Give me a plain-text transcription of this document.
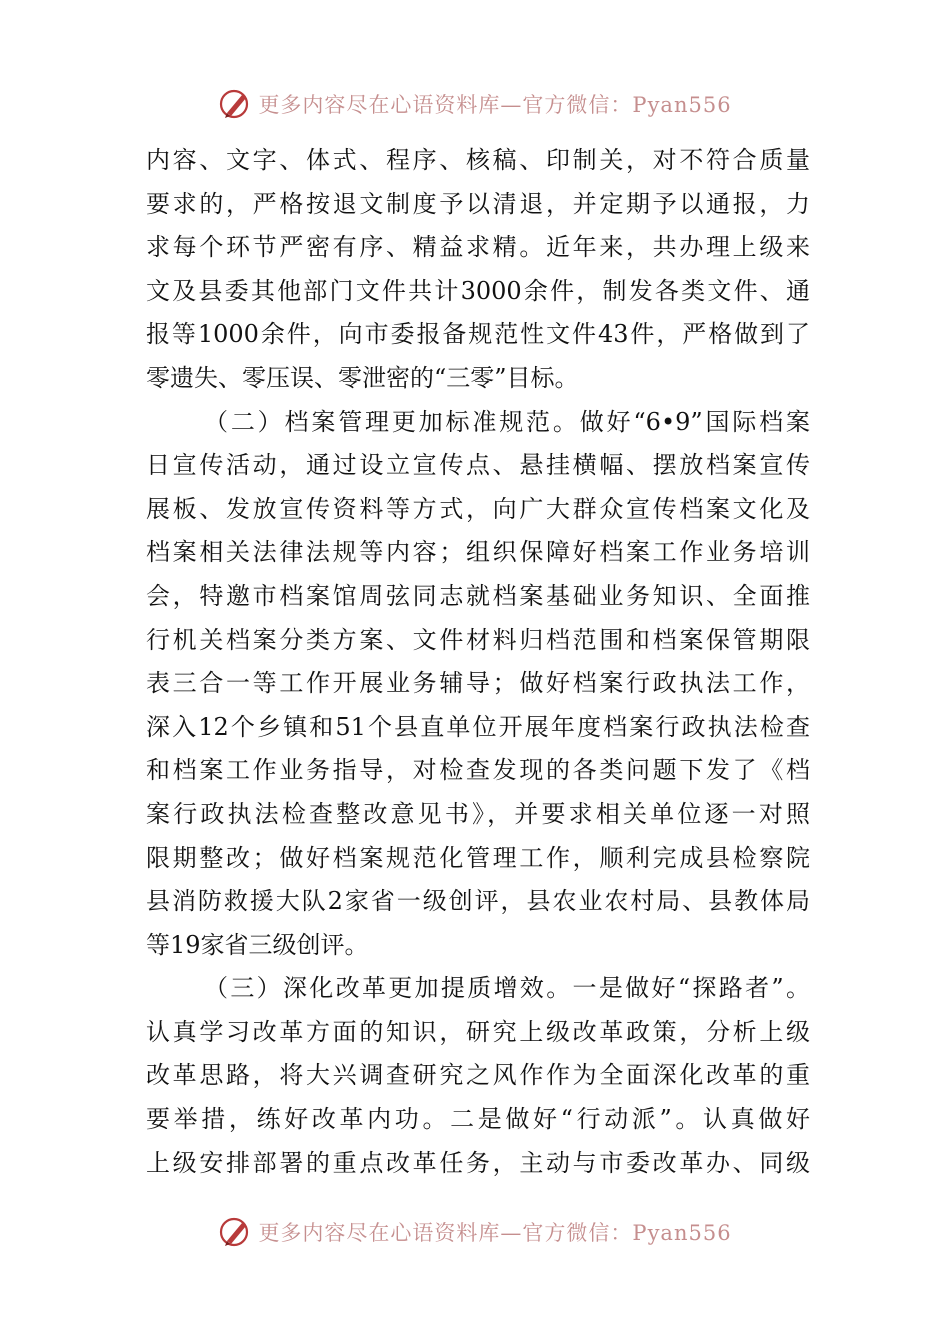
更多内容尽在心语资料库—官方微信：Pyan556
内容、文字、体式、程序、核稿、印制关，对不符合质量
要求的，严格按退文制度予以清退，并定期予以通报，力
求每个环节严密有序、精益求精。近年来，共办理上级来
文及县委其他部门文件共计3000余件，制发各类文件、通
报等1000余件，向市委报备规范性文件43件，严格做到了
零遗失、零压误、零泄密的“三零”目标。
（二）档案管理更加标准规范。做好“6•9”国际档案
日宣传活动，通过设立宣传点、悬挂横幅、摆放档案宣传
展板、发放宣传资料等方式，向广大群众宣传档案文化及
档案相关法律法规等内容；组织保障好档案工作业务培训
会，特邀市档案馆周弦同志就档案基础业务知识、全面推
行机关档案分类方案、文件材料归档范围和档案保管期限
表三合一等工作开展业务辅导；做好档案行政执法工作，
深入12个乡镇和51个县直单位开展年度档案行政执法检查
和档案工作业务指导，对检查发现的各类问题下发了《档
案行政执法检查整改意见书》，并要求相关单位逐一对照
限期整改；做好档案规范化管理工作，顺利完成县检察院
县消防救援大队2家省一级创评，县农业农村局、县教体局
等19家省三级创评。
（三）深化改革更加提质增效。一是做好“探路者”。
认真学习改革方面的知识，研究上级改革政策，分析上级
改革思路，将大兴调查研究之风作作为全面深化改革的重
要举措，练好改革内功。二是做好“行动派”。认真做好
上级安排部署的重点改革任务，主动与市委改革办、同级
更多内容尽在心语资料库—官方微信：Pyan556
